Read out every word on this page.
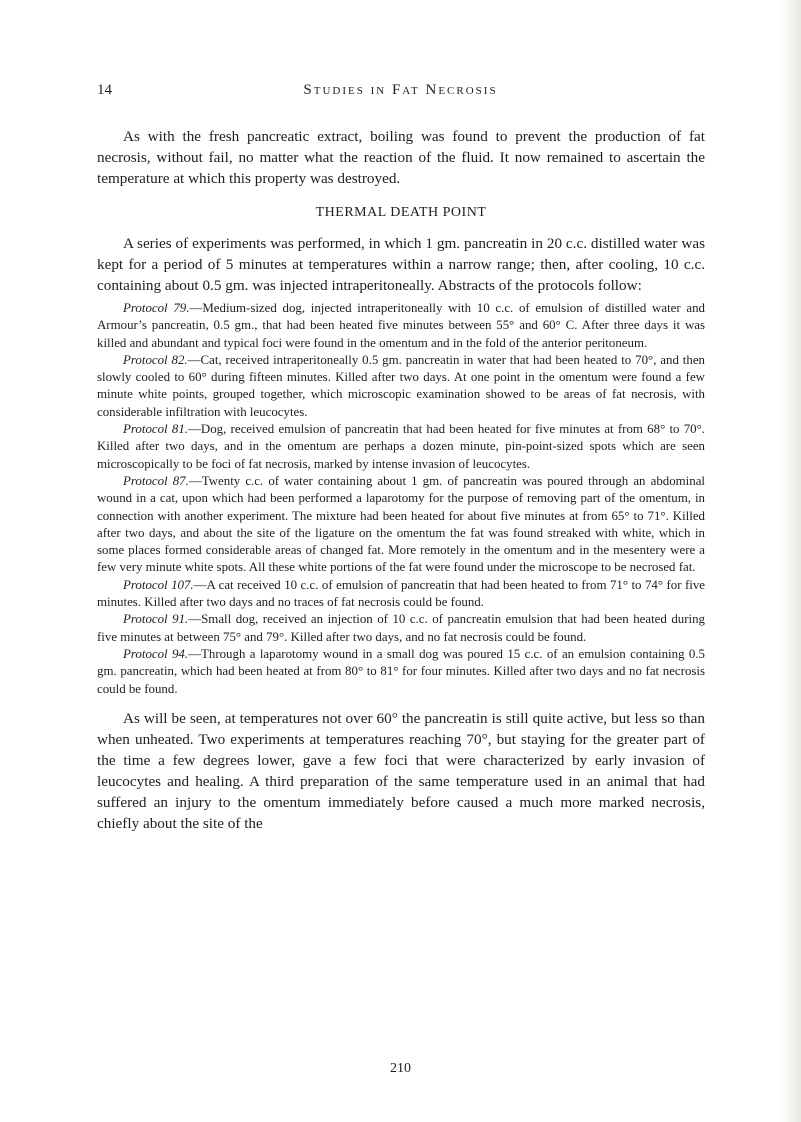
14	Studies in Fat Necrosis

As with the fresh pancreatic extract, boiling was found to prevent the production of fat necrosis, without fail, no matter what the reaction of the fluid. It now remained to ascertain the temperature at which this property was destroyed.

THERMAL DEATH POINT

A series of experiments was performed, in which 1 gm. pancreatin in 20 c.c. distilled water was kept for a period of 5 minutes at temperatures within a narrow range; then, after cooling, 10 c.c. containing about 0.5 gm. was injected intraperitoneally. Abstracts of the protocols follow:

Protocol 79.—Medium-sized dog, injected intraperitoneally with 10 c.c. of emulsion of distilled water and Armour’s pancreatin, 0.5 gm., that had been heated five minutes between 55° and 60° C. After three days it was killed and abundant and typical foci were found in the omentum and in the fold of the anterior peritoneum.

Protocol 82.—Cat, received intraperitoneally 0.5 gm. pancreatin in water that had been heated to 70°, and then slowly cooled to 60° during fifteen minutes. Killed after two days. At one point in the omentum were found a few minute white points, grouped together, which microscopic examination showed to be areas of fat necrosis, with considerable infiltration with leucocytes.

Protocol 81.—Dog, received emulsion of pancreatin that had been heated for five minutes at from 68° to 70°. Killed after two days, and in the omentum are perhaps a dozen minute, pin-point-sized spots which are seen microscopically to be foci of fat necrosis, marked by intense invasion of leucocytes.

Protocol 87.—Twenty c.c. of water containing about 1 gm. of pancreatin was poured through an abdominal wound in a cat, upon which had been performed a laparotomy for the purpose of removing part of the omentum, in connection with another experiment. The mixture had been heated for about five minutes at from 65° to 71°. Killed after two days, and about the site of the ligature on the omentum the fat was found streaked with white, which in some places formed considerable areas of changed fat. More remotely in the omentum and in the mesentery were a few very minute white spots. All these white portions of the fat were found under the microscope to be necrosed fat.

Protocol 107.—A cat received 10 c.c. of emulsion of pancreatin that had been heated to from 71° to 74° for five minutes. Killed after two days and no traces of fat necrosis could be found.

Protocol 91.—Small dog, received an injection of 10 c.c. of pancreatin emulsion that had been heated during five minutes at between 75° and 79°. Killed after two days, and no fat necrosis could be found.

Protocol 94.—Through a laparotomy wound in a small dog was poured 15 c.c. of an emulsion containing 0.5 gm. pancreatin, which had been heated at from 80° to 81° for four minutes. Killed after two days and no fat necrosis could be found.

As will be seen, at temperatures not over 60° the pancreatin is still quite active, but less so than when unheated. Two experiments at temperatures reaching 70°, but staying for the greater part of the time a few degrees lower, gave a few foci that were characterized by early invasion of leucocytes and healing. A third preparation of the same temperature used in an animal that had suffered an injury to the omentum immediately before caused a much more marked necrosis, chiefly about the site of the

210
